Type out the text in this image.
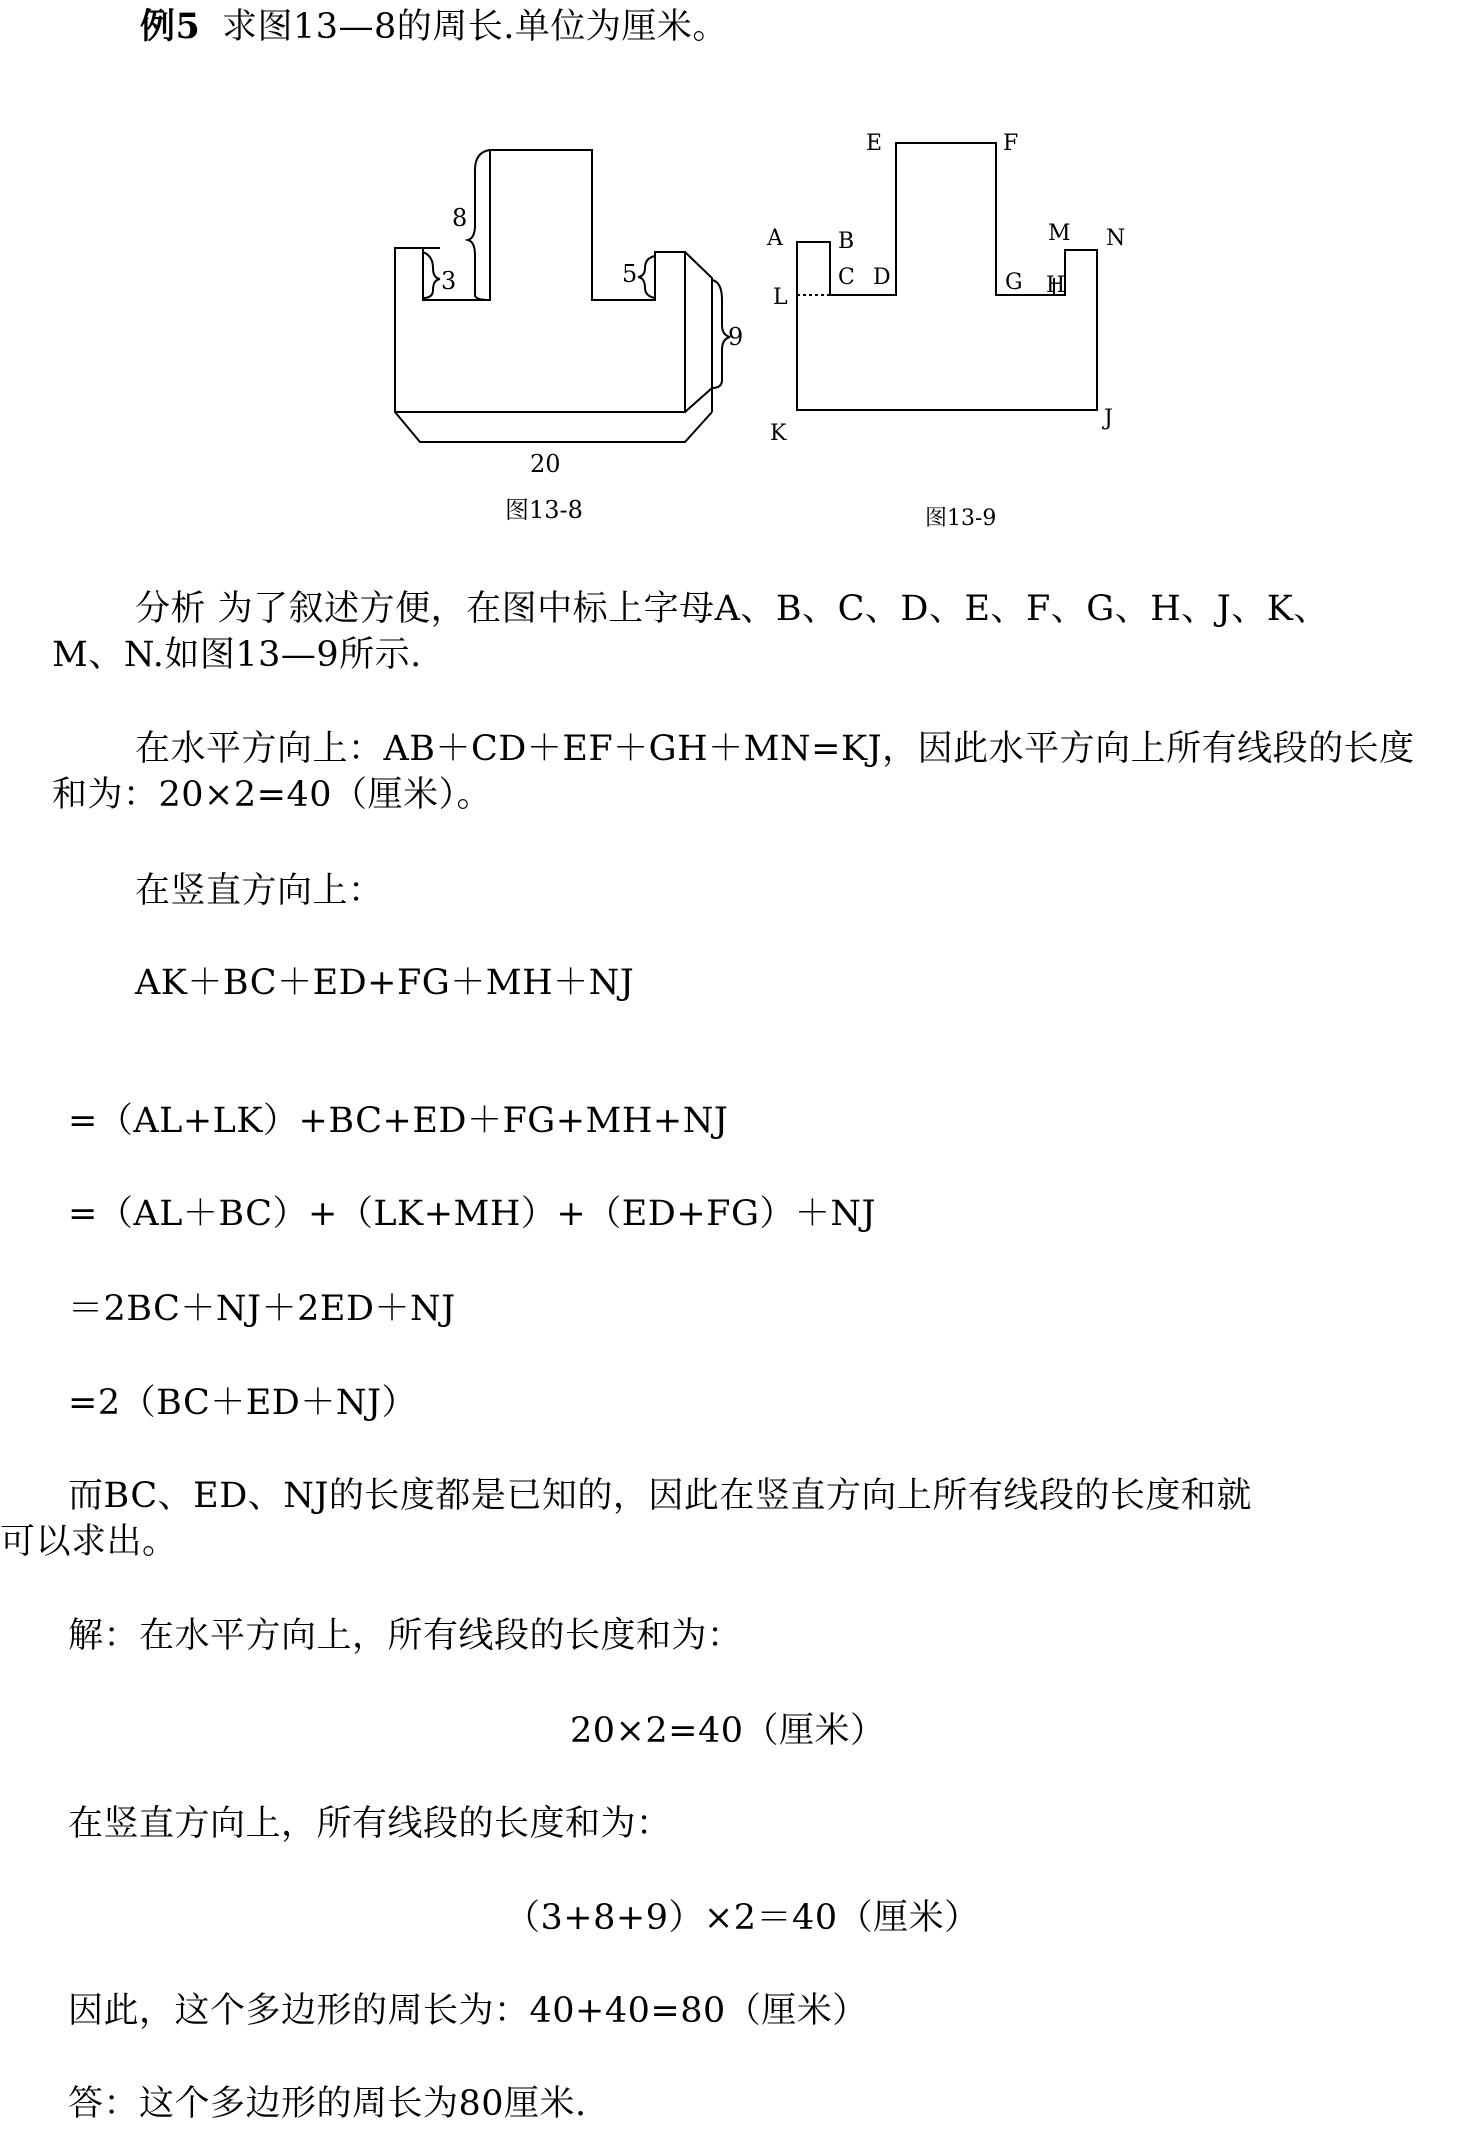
例5 求图13—8的周长.单位为厘米。
8
3	5
9
20
图13-8
A	B
C D
E	F
G H
J
K
L
M N
图13-9
分析 为了叙述方便，在图中标上字母A、B、C、D、E、F、G、H、J、K、
M、N.如图13—9所示.
在水平方向上：AB＋CD＋EF＋GH＋MN=KJ，因此水平方向上所有线段的长度
和为：20×2=40（厘米）。
在竖直方向上：
AK＋BC＋ED+FG＋MH＋NJ
=（AL+LK）+BC+ED＋FG+MH+NJ
=（AL＋BC）+（LK+MH）+（ED+FG）＋NJ
＝2BC＋NJ＋2ED＋NJ
=2（BC＋ED＋NJ）
而BC、ED、NJ的长度都是已知的，因此在竖直方向上所有线段的长度和就
可以求出。
解：在水平方向上，所有线段的长度和为：
20×2=40（厘米）
在竖直方向上，所有线段的长度和为：
（3+8+9）×2＝40（厘米）
因此，这个多边形的周长为：40+40=80（厘米）
答：这个多边形的周长为80厘米.
